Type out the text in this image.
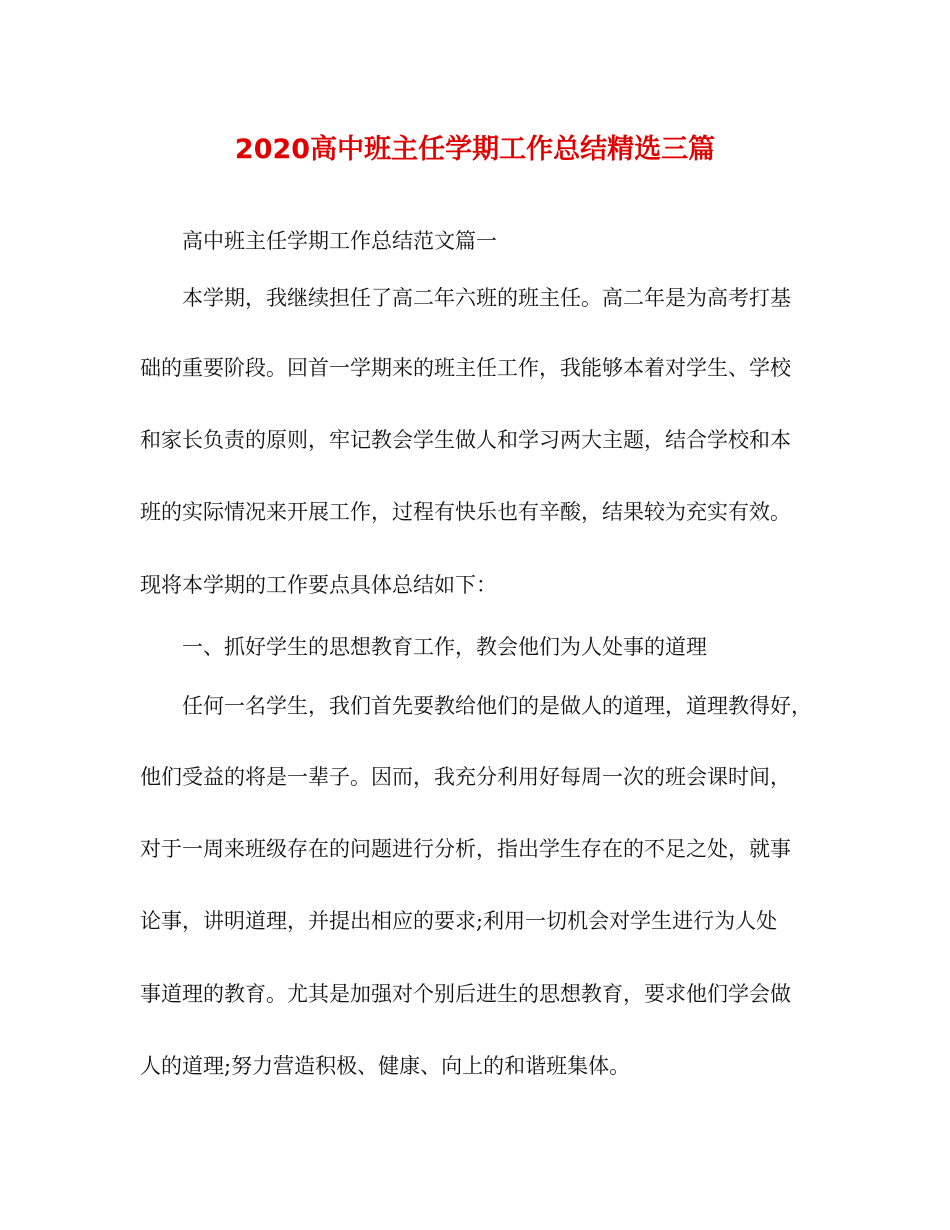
2020高中班主任学期工作总结精选三篇
高中班主任学期工作总结范文篇一
本学期，我继续担任了高二年六班的班主任。高二年是为高考打基
础的重要阶段。回首一学期来的班主任工作，我能够本着对学生、学校
和家长负责的原则，牢记教会学生做人和学习两大主题，结合学校和本
班的实际情况来开展工作，过程有快乐也有辛酸，结果较为充实有效。
现将本学期的工作要点具体总结如下：
一、抓好学生的思想教育工作，教会他们为人处事的道理
任何一名学生，我们首先要教给他们的是做人的道理，道理教得好，
他们受益的将是一辈子。因而，我充分利用好每周一次的班会课时间，
对于一周来班级存在的问题进行分析，指出学生存在的不足之处，就事
论事，讲明道理，并提出相应的要求;利用一切机会对学生进行为人处
事道理的教育。尤其是加强对个别后进生的思想教育，要求他们学会做
人的道理;努力营造积极、健康、向上的和谐班集体。
